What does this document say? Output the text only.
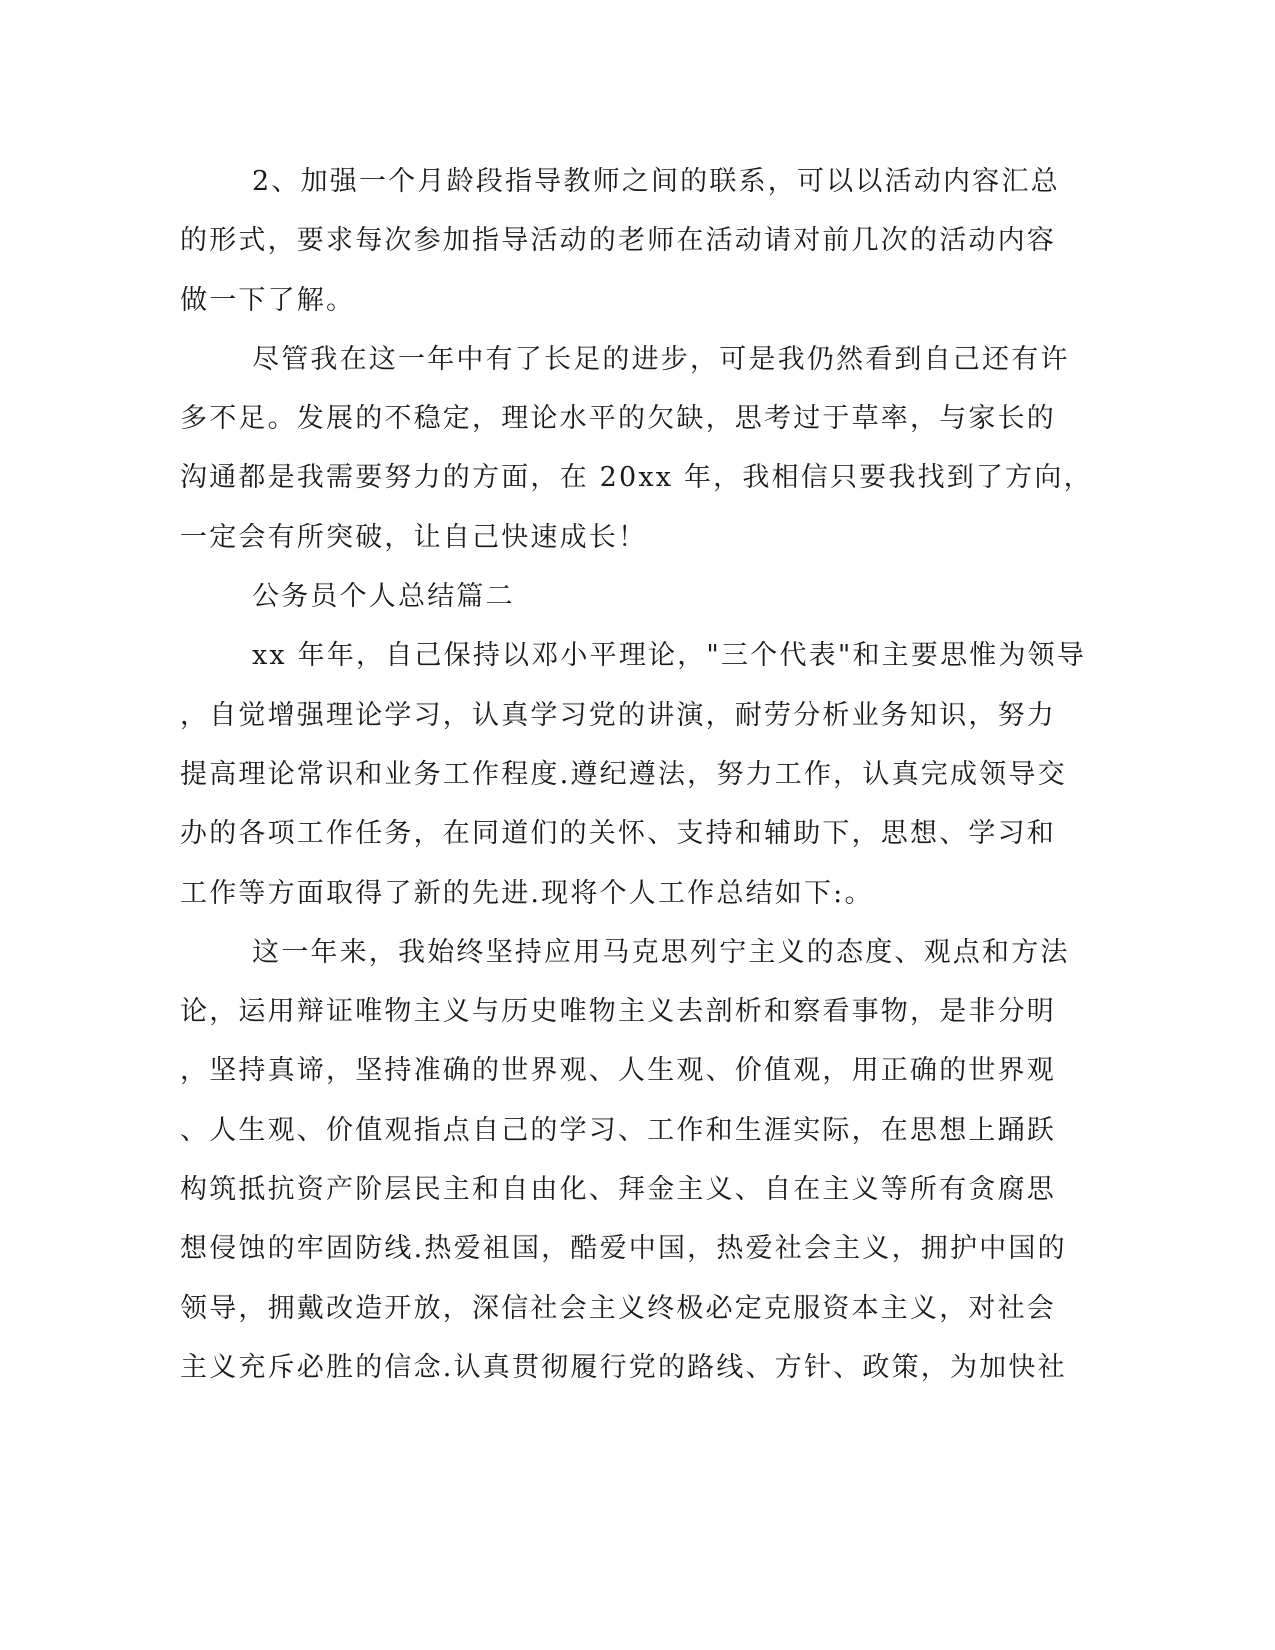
2、加强一个月龄段指导教师之间的联系，可以以活动内容汇总
的形式，要求每次参加指导活动的老师在活动请对前几次的活动内容
做一下了解。
尽管我在这一年中有了长足的进步，可是我仍然看到自己还有许
多不足。发展的不稳定，理论水平的欠缺，思考过于草率，与家长的
沟通都是我需要努力的方面，在 20xx 年，我相信只要我找到了方向，
一定会有所突破，让自己快速成长！
公务员个人总结篇二
xx 年年，自己保持以邓小平理论，"三个代表"和主要思惟为领导
，自觉增强理论学习，认真学习党的讲演，耐劳分析业务知识，努力
提高理论常识和业务工作程度.遵纪遵法，努力工作，认真完成领导交
办的各项工作任务，在同道们的关怀、支持和辅助下，思想、学习和
工作等方面取得了新的先进.现将个人工作总结如下:。
这一年来，我始终坚持应用马克思列宁主义的态度、观点和方法
论，运用辩证唯物主义与历史唯物主义去剖析和察看事物，是非分明
，坚持真谛，坚持准确的世界观、人生观、价值观，用正确的世界观
、人生观、价值观指点自己的学习、工作和生涯实际，在思想上踊跃
构筑抵抗资产阶层民主和自由化、拜金主义、自在主义等所有贪腐思
想侵蚀的牢固防线.热爱祖国，酷爱中国，热爱社会主义，拥护中国的
领导，拥戴改造开放，深信社会主义终极必定克服资本主义，对社会
主义充斥必胜的信念.认真贯彻履行党的路线、方针、政策，为加快社
